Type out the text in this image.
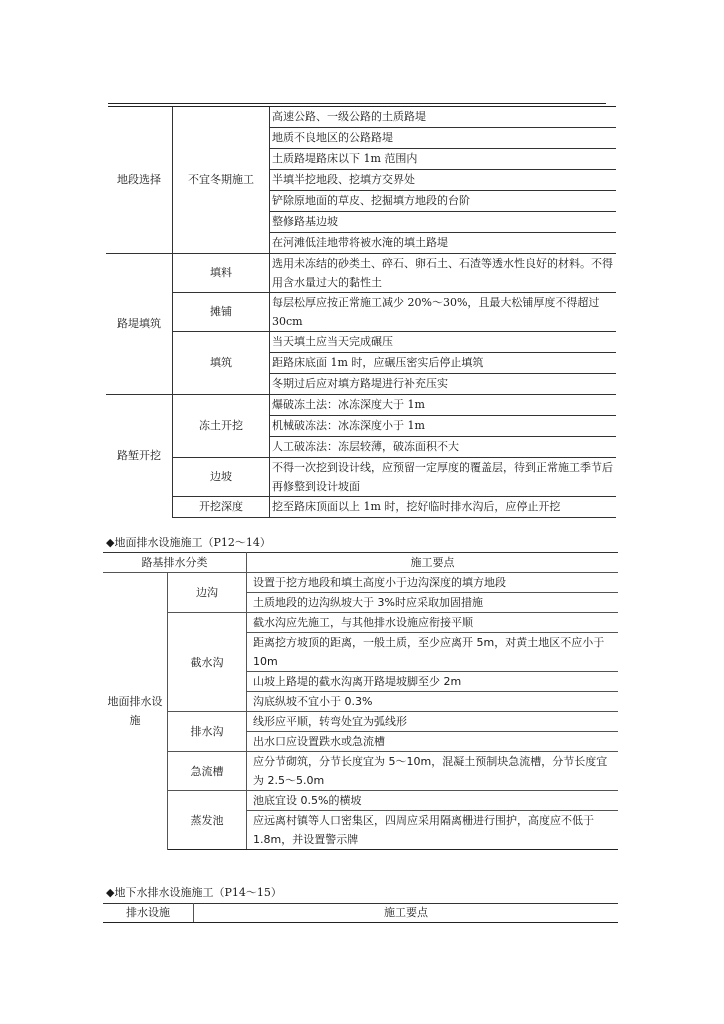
地段选择	不宜冬期施工	高速公路、一级公路的土质路堤
		地质不良地区的公路路堤
		土质路堤路床以下 1m 范围内
		半填半挖地段、挖填方交界处
		铲除原地面的草皮、挖掘填方地段的台阶
		整修路基边坡
		在河滩低洼地带将被水淹的填土路堤
路堤填筑	填料	选用未冻结的砂类土、碎石、卵石土、石渣等透水性良好的材料。不得用含水量过大的黏性土
	摊铺	每层松厚应按正常施工减少 20%～30%，且最大松铺厚度不得超过 30cm
	填筑	当天填土应当天完成碾压
		距路床底面 1m 时，应碾压密实后停止填筑
		冬期过后应对填方路堤进行补充压实
路堑开挖	冻土开挖	爆破冻土法：冰冻深度大于 1m
		机械破冻法：冰冻深度小于 1m
		人工破冻法：冻层较薄，破冻面积不大
	边坡	不得一次挖到设计线，应预留一定厚度的覆盖层，待到正常施工季节后再修整到设计坡面
	开挖深度	挖至路床顶面以上 1m 时，挖好临时排水沟后，应停止开挖
◆地面排水设施施工（P12～14）
路基排水分类		施工要点
地面排水设施	边沟	设置于挖方地段和填土高度小于边沟深度的填方地段
		土质地段的边沟纵坡大于 3%时应采取加固措施
	截水沟	截水沟应先施工，与其他排水设施应衔接平顺
		距离挖方坡顶的距离，一般土质，至少应离开 5m，对黄土地区不应小于 10m
		山坡上路堤的截水沟离开路堤坡脚至少 2m
		沟底纵坡不宜小于 0.3%
	排水沟	线形应平顺，转弯处宜为弧线形
		出水口应设置跌水或急流槽
	急流槽	应分节砌筑，分节长度宜为 5～10m，混凝土预制块急流槽，分节长度宜为 2.5～5.0m
	蒸发池	池底宜设 0.5%的横坡
		应远离村镇等人口密集区，四周应采用隔离栅进行围护，高度应不低于 1.8m，并设置警示牌
◆地下水排水设施施工（P14～15）
排水设施	施工要点
